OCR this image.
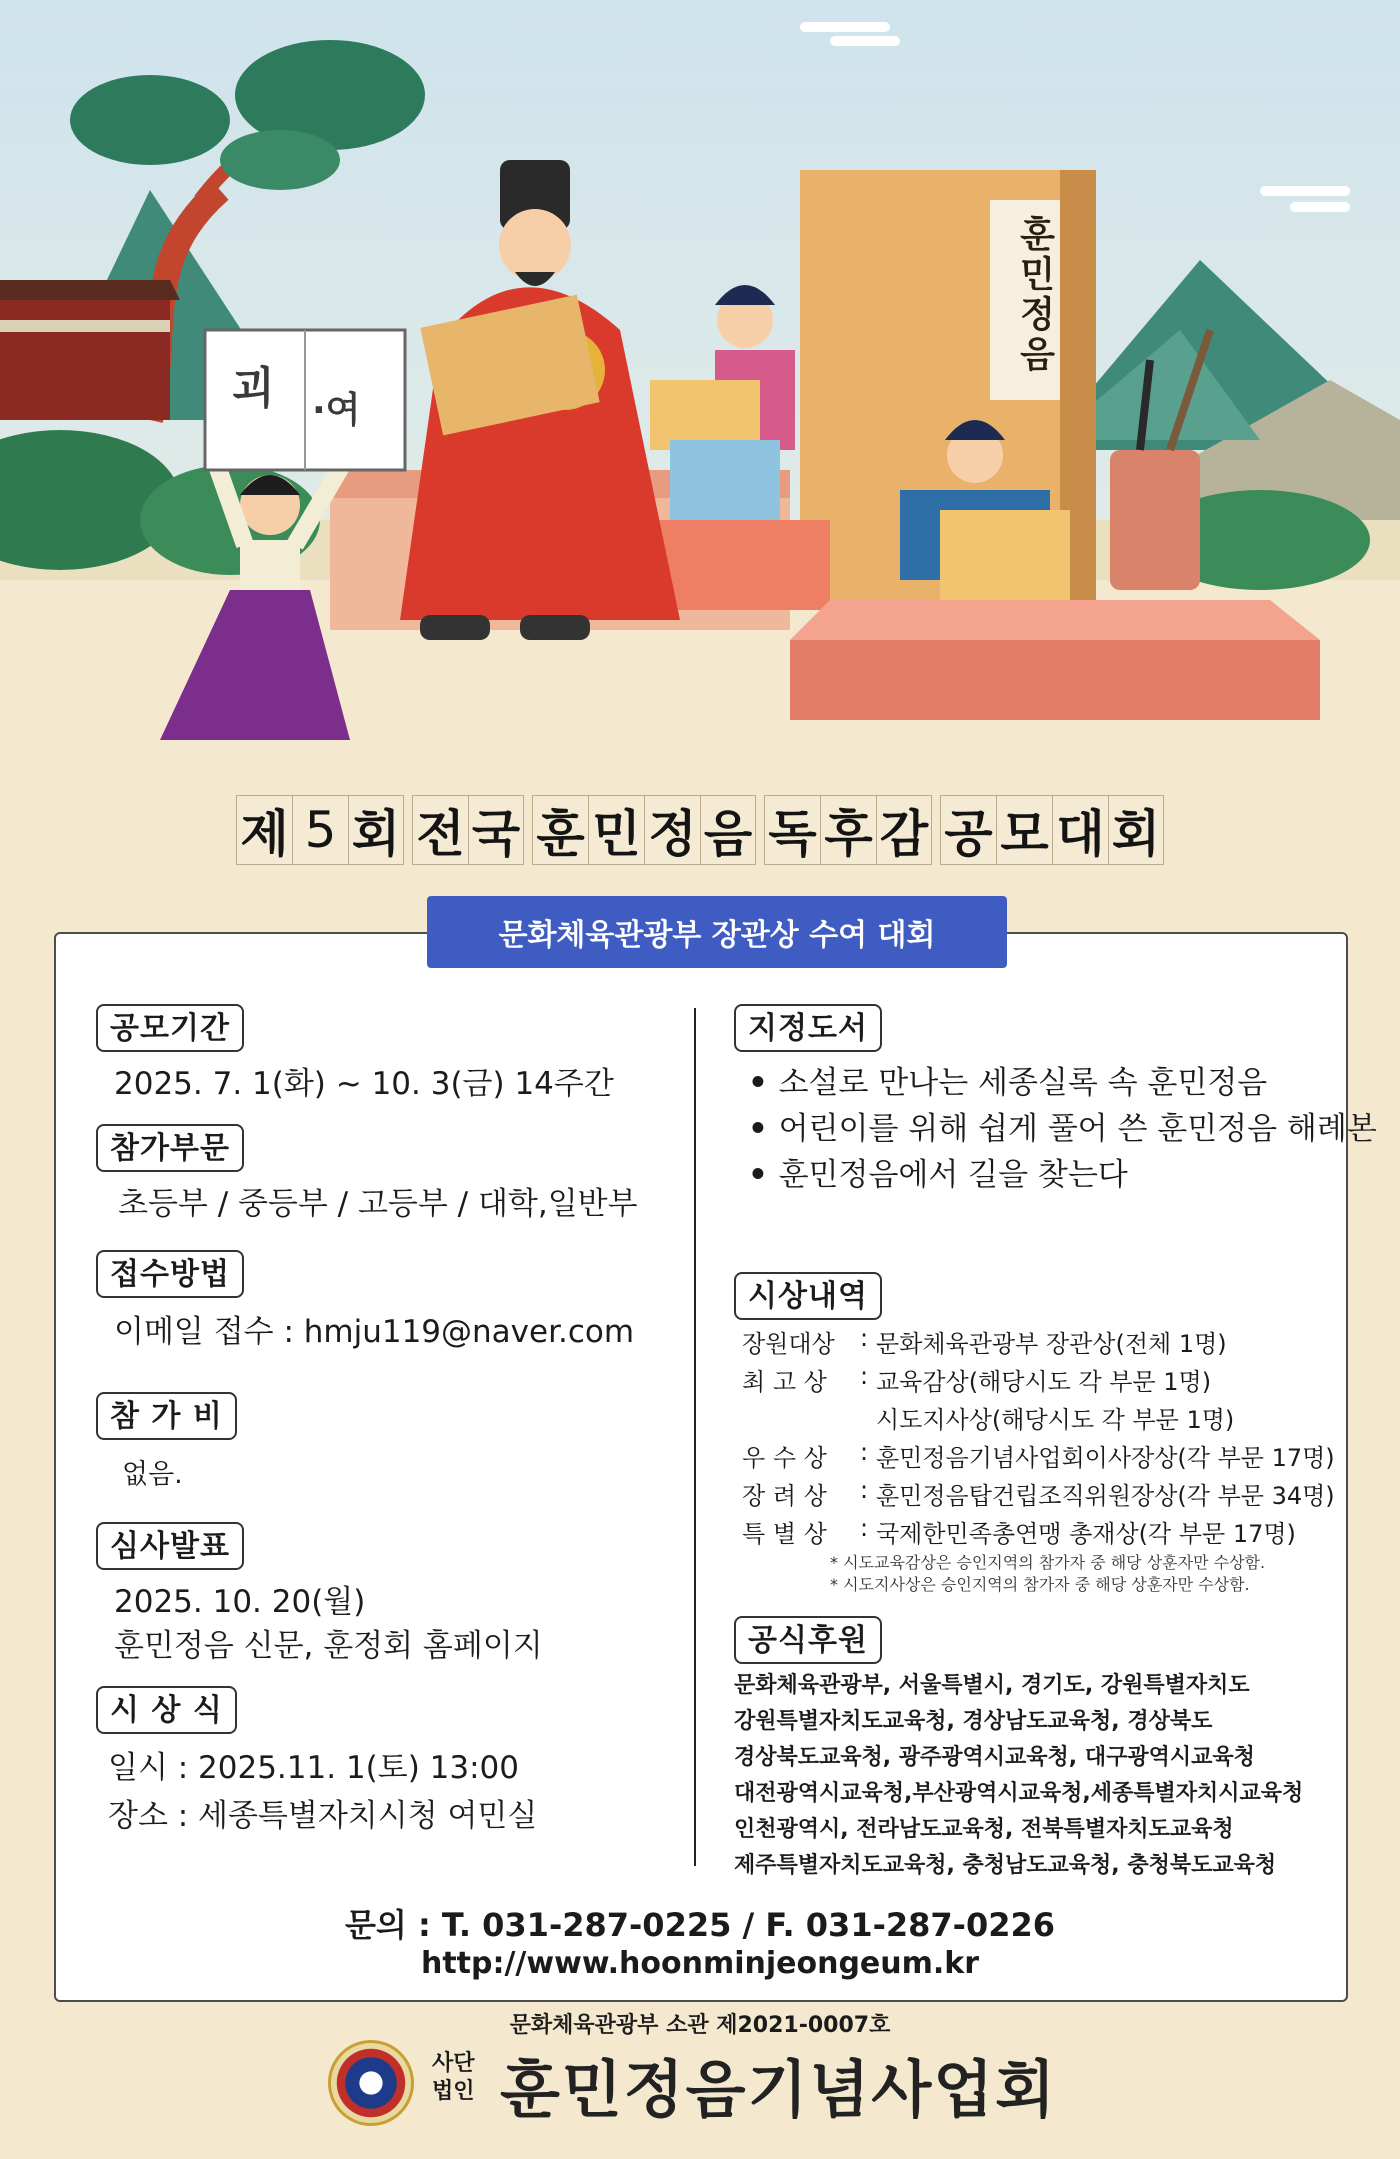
훈민정음
괴 ·여
제 5 회 전 국 훈 민 정 음 독 후 감 공 모 대 회
문화체육관광부 장관상 수여 대회
공모기간
2025. 7. 1(화) ~ 10. 3(금) 14주간
참가부문
초등부 / 중등부 / 고등부 / 대학,일반부
접수방법
이메일 접수 : hmju119@naver.com
참 가 비
없음.
심사발표
2025. 10. 20(월)
훈민정음 신문, 훈정회 홈페이지
시 상 식
일시 : 2025.11. 1(토) 13:00
장소 : 세종특별자치시청 여민실
지정도서
• 소설로 만나는 세종실록 속 훈민정음
• 어린이를 위해 쉽게 풀어 쓴 훈민정음 해례본
• 훈민정음에서 길을 찾는다
시상내역
장원대상	: 문화체육관광부 장관상(전체 1명)
최 고 상	: 교육감상(해당시도 각 부문 1명)
시도지사상(해당시도 각 부문 1명)
우 수 상	: 훈민정음기념사업회이사장상(각 부문 17명)
장 려 상	: 훈민정음탑건립조직위원장상(각 부문 34명)
특 별 상	: 국제한민족총연맹 총재상(각 부문 17명)
* 시도교육감상은 승인지역의 참가자 중 해당 상훈자만 수상함.
* 시도지사상은 승인지역의 참가자 중 해당 상훈자만 수상함.
공식후원
문화체육관광부, 서울특별시, 경기도, 강원특별자치도
강원특별자치도교육청, 경상남도교육청, 경상북도
경상북도교육청, 광주광역시교육청, 대구광역시교육청
대전광역시교육청,부산광역시교육청,세종특별자치시교육청
인천광역시, 전라남도교육청, 전북특별자치도교육청
제주특별자치도교육청, 충청남도교육청, 충청북도교육청
문의 : T. 031-287-0225 / F. 031-287-0226
http://www.hoonminjeongeum.kr
문화체육관광부 소관 제2021-0007호
사단
법인 훈민정음기념사업회
